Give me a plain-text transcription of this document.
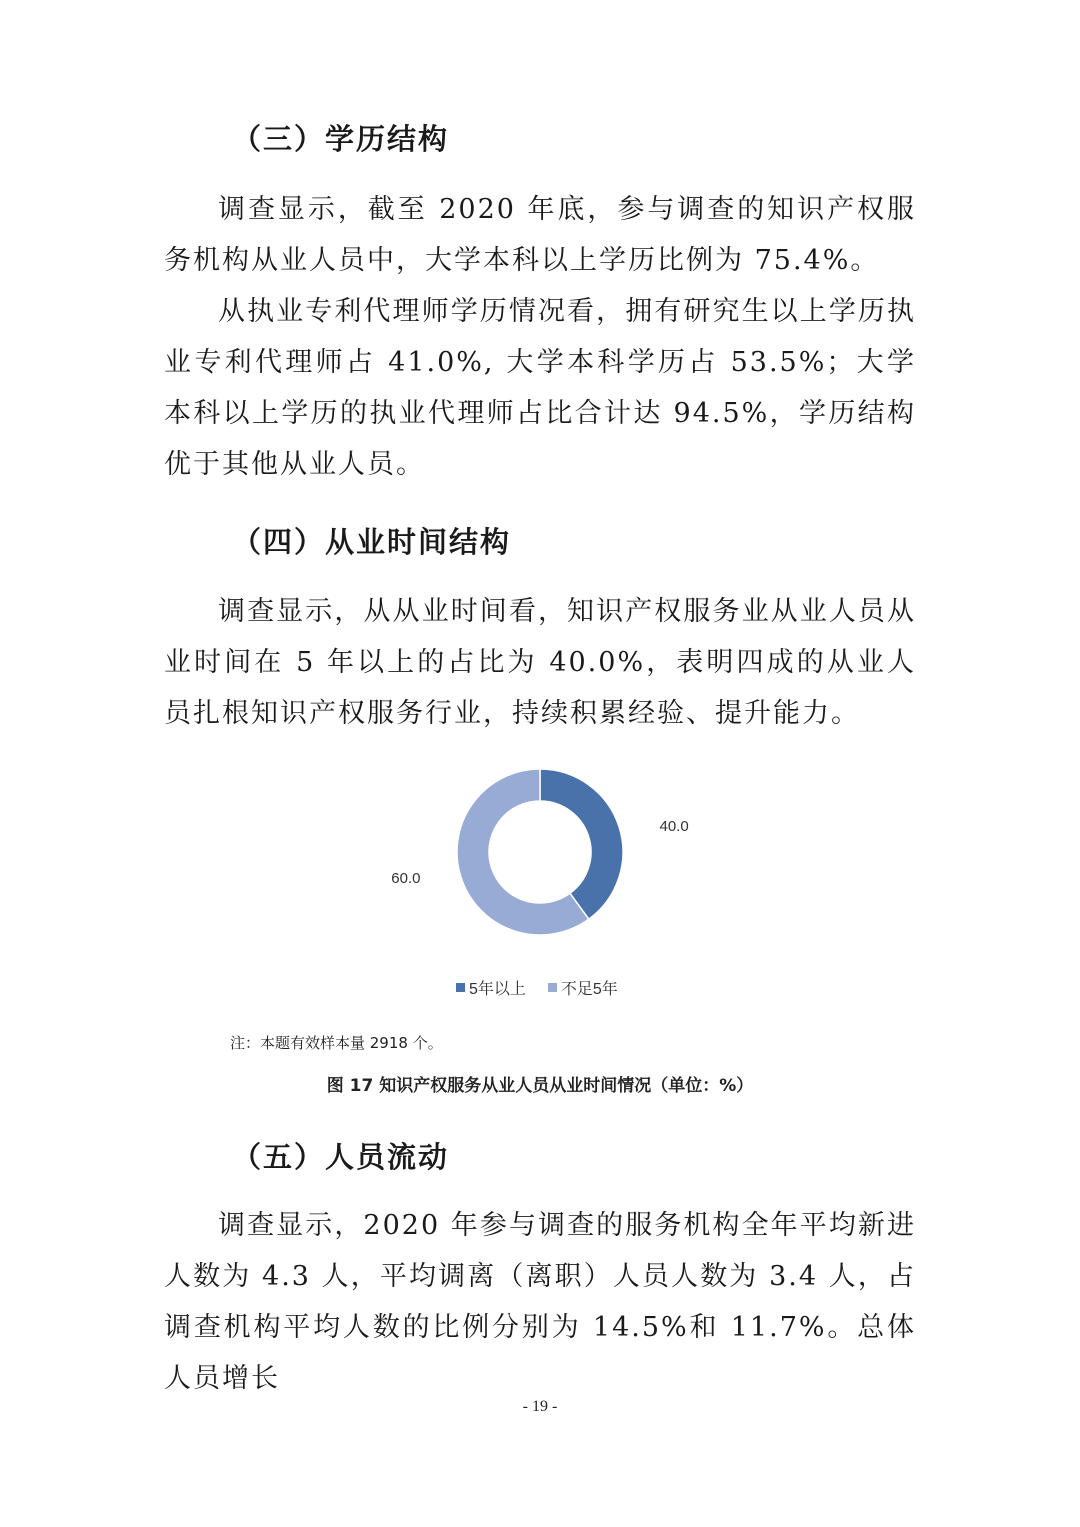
（三）学历结构

调查显示，截至 2020 年底，参与调查的知识产权服务机构从业人员中，大学本科以上学历比例为 75.4%。

从执业专利代理师学历情况看，拥有研究生以上学历执业专利代理师占 41.0%, 大学本科学历占 53.5%；大学本科以上学历的执业代理师占比合计达 94.5%，学历结构优于其他从业人员。

（四）从业时间结构

调查显示，从从业时间看，知识产权服务业从业人员从业时间在 5 年以上的占比为 40.0%，表明四成的从业人员扎根知识产权服务行业，持续积累经验、提升能力。

40.0
60.0
5年以上 不足5年
注：本题有效样本量 2918 个。
图 17 知识产权服务从业人员从业时间情况（单位：%）
（五）人员流动

调查显示，2020 年参与调查的服务机构全年平均新进人数为 4.3 人，平均调离（离职）人员人数为 3.4 人，占调查机构平均人数的比例分别为 14.5%和 11.7%。总体人员增长

- 19 -
